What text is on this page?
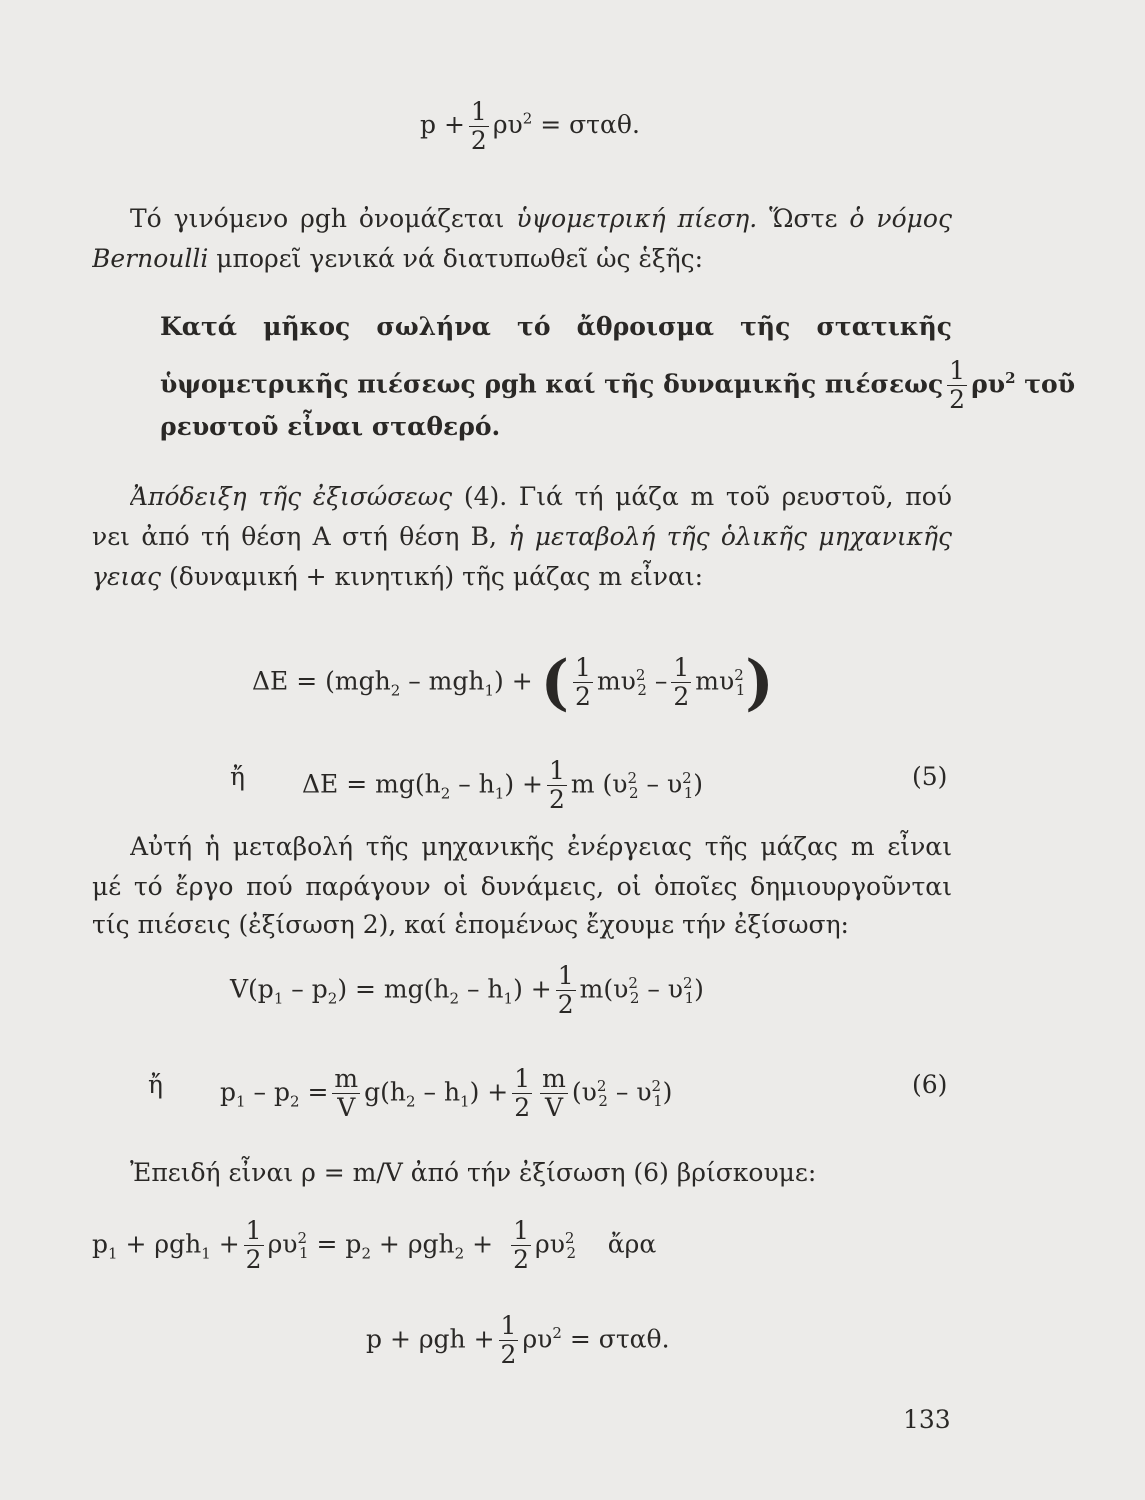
$p + \frac{1}{2} \rho\upsilon^2 = \sigma\tau\alpha\theta$.
Τό γινόμενο ρgh ὀνομάζεται ὑψομετρική πίεση. Ὥστε ὁ νόμος
Bernoulli μπορεῖ γενικά νά διατυπωθεῖ ὡς ἑξῆς:
Κατά μῆκος σωλήνα τό ἄθροισμα τῆς στατικῆς
ὑψομετρικῆς πιέσεως ρgh καί τῆς δυναμικῆς πιέσεως $\frac{1}{2} \rho\upsilon^2$ τοῦ
ρευστοῦ εἶναι σταθερό.
Ἀπόδειξη τῆς ἐξισώσεως (4). Γιά τή μάζα m τοῦ ρευστοῦ, πού
νει ἀπό τή θέση A στή θέση B, ἡ μεταβολή τῆς ὁλικῆς μηχανικῆς
γειας (δυναμική + κινητική) τῆς μάζας m εἶναι:
ΔE = (mgh$_2$ – mgh$_1$) + ( $\frac{1}{2} m\upsilon^2_2 - \frac{1}{2} m\upsilon^2_1$)
ἤ $\Delta E = mg(h_2 - h_1) + \frac{1}{2}$ m $(\upsilon^2_2 - \upsilon^2_1)$	(5)
Αὐτή ἡ μεταβολή τῆς μηχανικῆς ἐνέργειας τῆς μάζας m εἶναι
μέ τό ἔργο πού παράγουν οἱ δυνάμεις, οἱ ὁποῖες δημιουργοῦνται
τίς πιέσεις (ἐξίσωση 2), καί ἑπομένως ἔχουμε τήν ἐξίσωση:
$V(p_1 - p_2) = mg(h_2 - h_1) + \frac{1}{2} m(\upsilon^2_2 - \upsilon^2_1)$
ἤ $p_1 - p_2 = \frac{m}{V} g(h_2 - h_1) + \frac{1}{2} \frac{m}{V} (\upsilon^2_2 - \upsilon^2_1)$	(6)
Ἐπειδή εἶναι ρ = m/V ἀπό τήν ἐξίσωση (6) βρίσκουμε:
$p_1 + \rho gh_1 + \frac{1}{2} \rho\upsilon^2_1 = p_2 + \rho gh_2 + \frac{1}{2} \rho\upsilon^2_2$ ἄρα
$p + \rho gh + \frac{1}{2} \rho\upsilon^2 = \sigma\tau\alpha\theta$.
133
